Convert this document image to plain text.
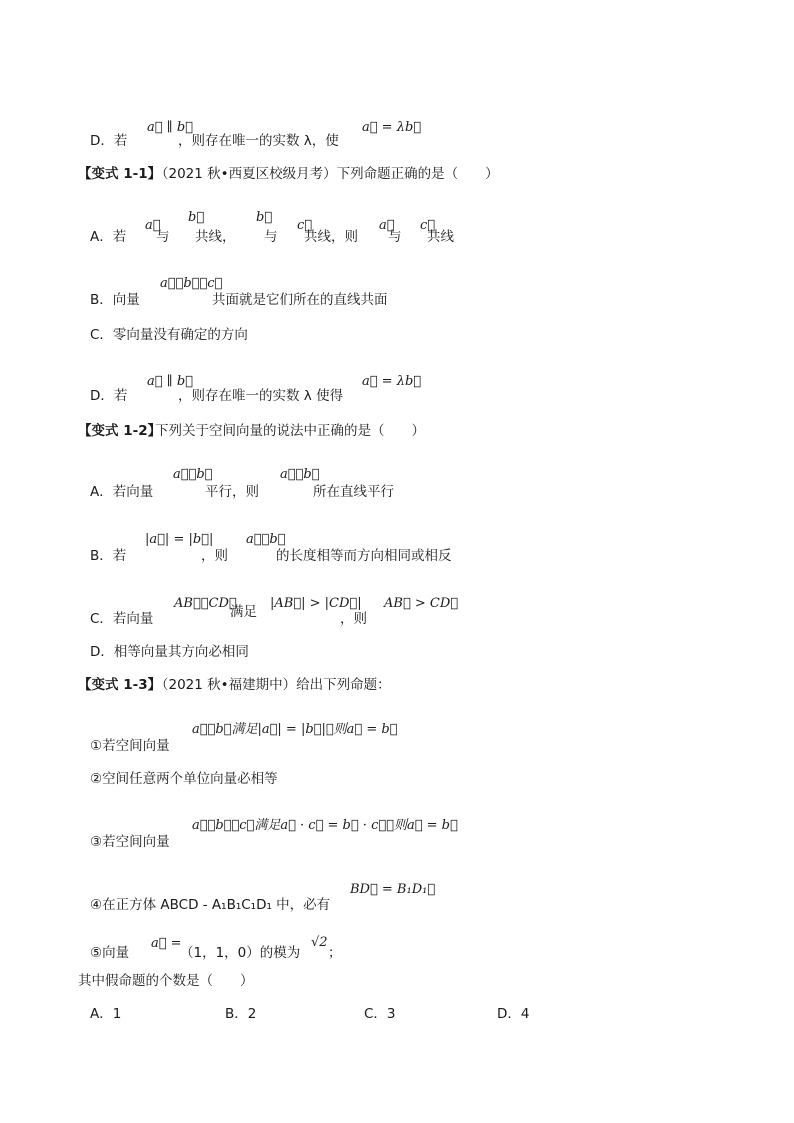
D．若
a⃗ ∥ b⃗
，则存在唯一的实数 λ，使
a⃗ = λb⃗
【变式 1-1】
（2021 秋•西夏区校级月考）下列命题正确的是（　　）
A．若
a⃗
与
b⃗
共线，
b⃗
与
c⃗
共线，则
a⃗
与
c⃗
共线
B．向量
a⃗，b⃗，c⃗
共面就是它们所在的直线共面
C．零向量没有确定的方向
D．若
a⃗ ∥ b⃗
，则存在唯一的实数 λ 使得
a⃗ = λb⃗
【变式 1-2】
下列关于空间向量的说法中正确的是（　　）
A．若向量
a⃗，b⃗
平行，则
a⃗，b⃗
所在直线平行
B．若
|a⃗| = |b⃗|
，则
a⃗，b⃗
的长度相等而方向相同或相反
C．若向量
AB⃗，CD⃗
满足
|AB⃗| > |CD⃗|
，则
AB⃗ > CD⃗
D．相等向量其方向必相同
【变式 1-3】
（2021 秋•福建期中）给出下列命题：
①若空间向量
a⃗，b⃗满足|a⃗| = |b⃗|，则a⃗ = b⃗
②空间任意两个单位向量必相等
③若空间向量
a⃗，b⃗，c⃗满足a⃗ · c⃗ = b⃗ · c⃗，则a⃗ = b⃗
④在正方体 ABCD - A₁B₁C₁D₁ 中，必有
BD⃗ = B₁D₁⃗
⑤向量
a⃗ =
（1，1，0）的模为
√2
；
其中假命题的个数是（　　）
A．1	B．2	C．3	D．4
